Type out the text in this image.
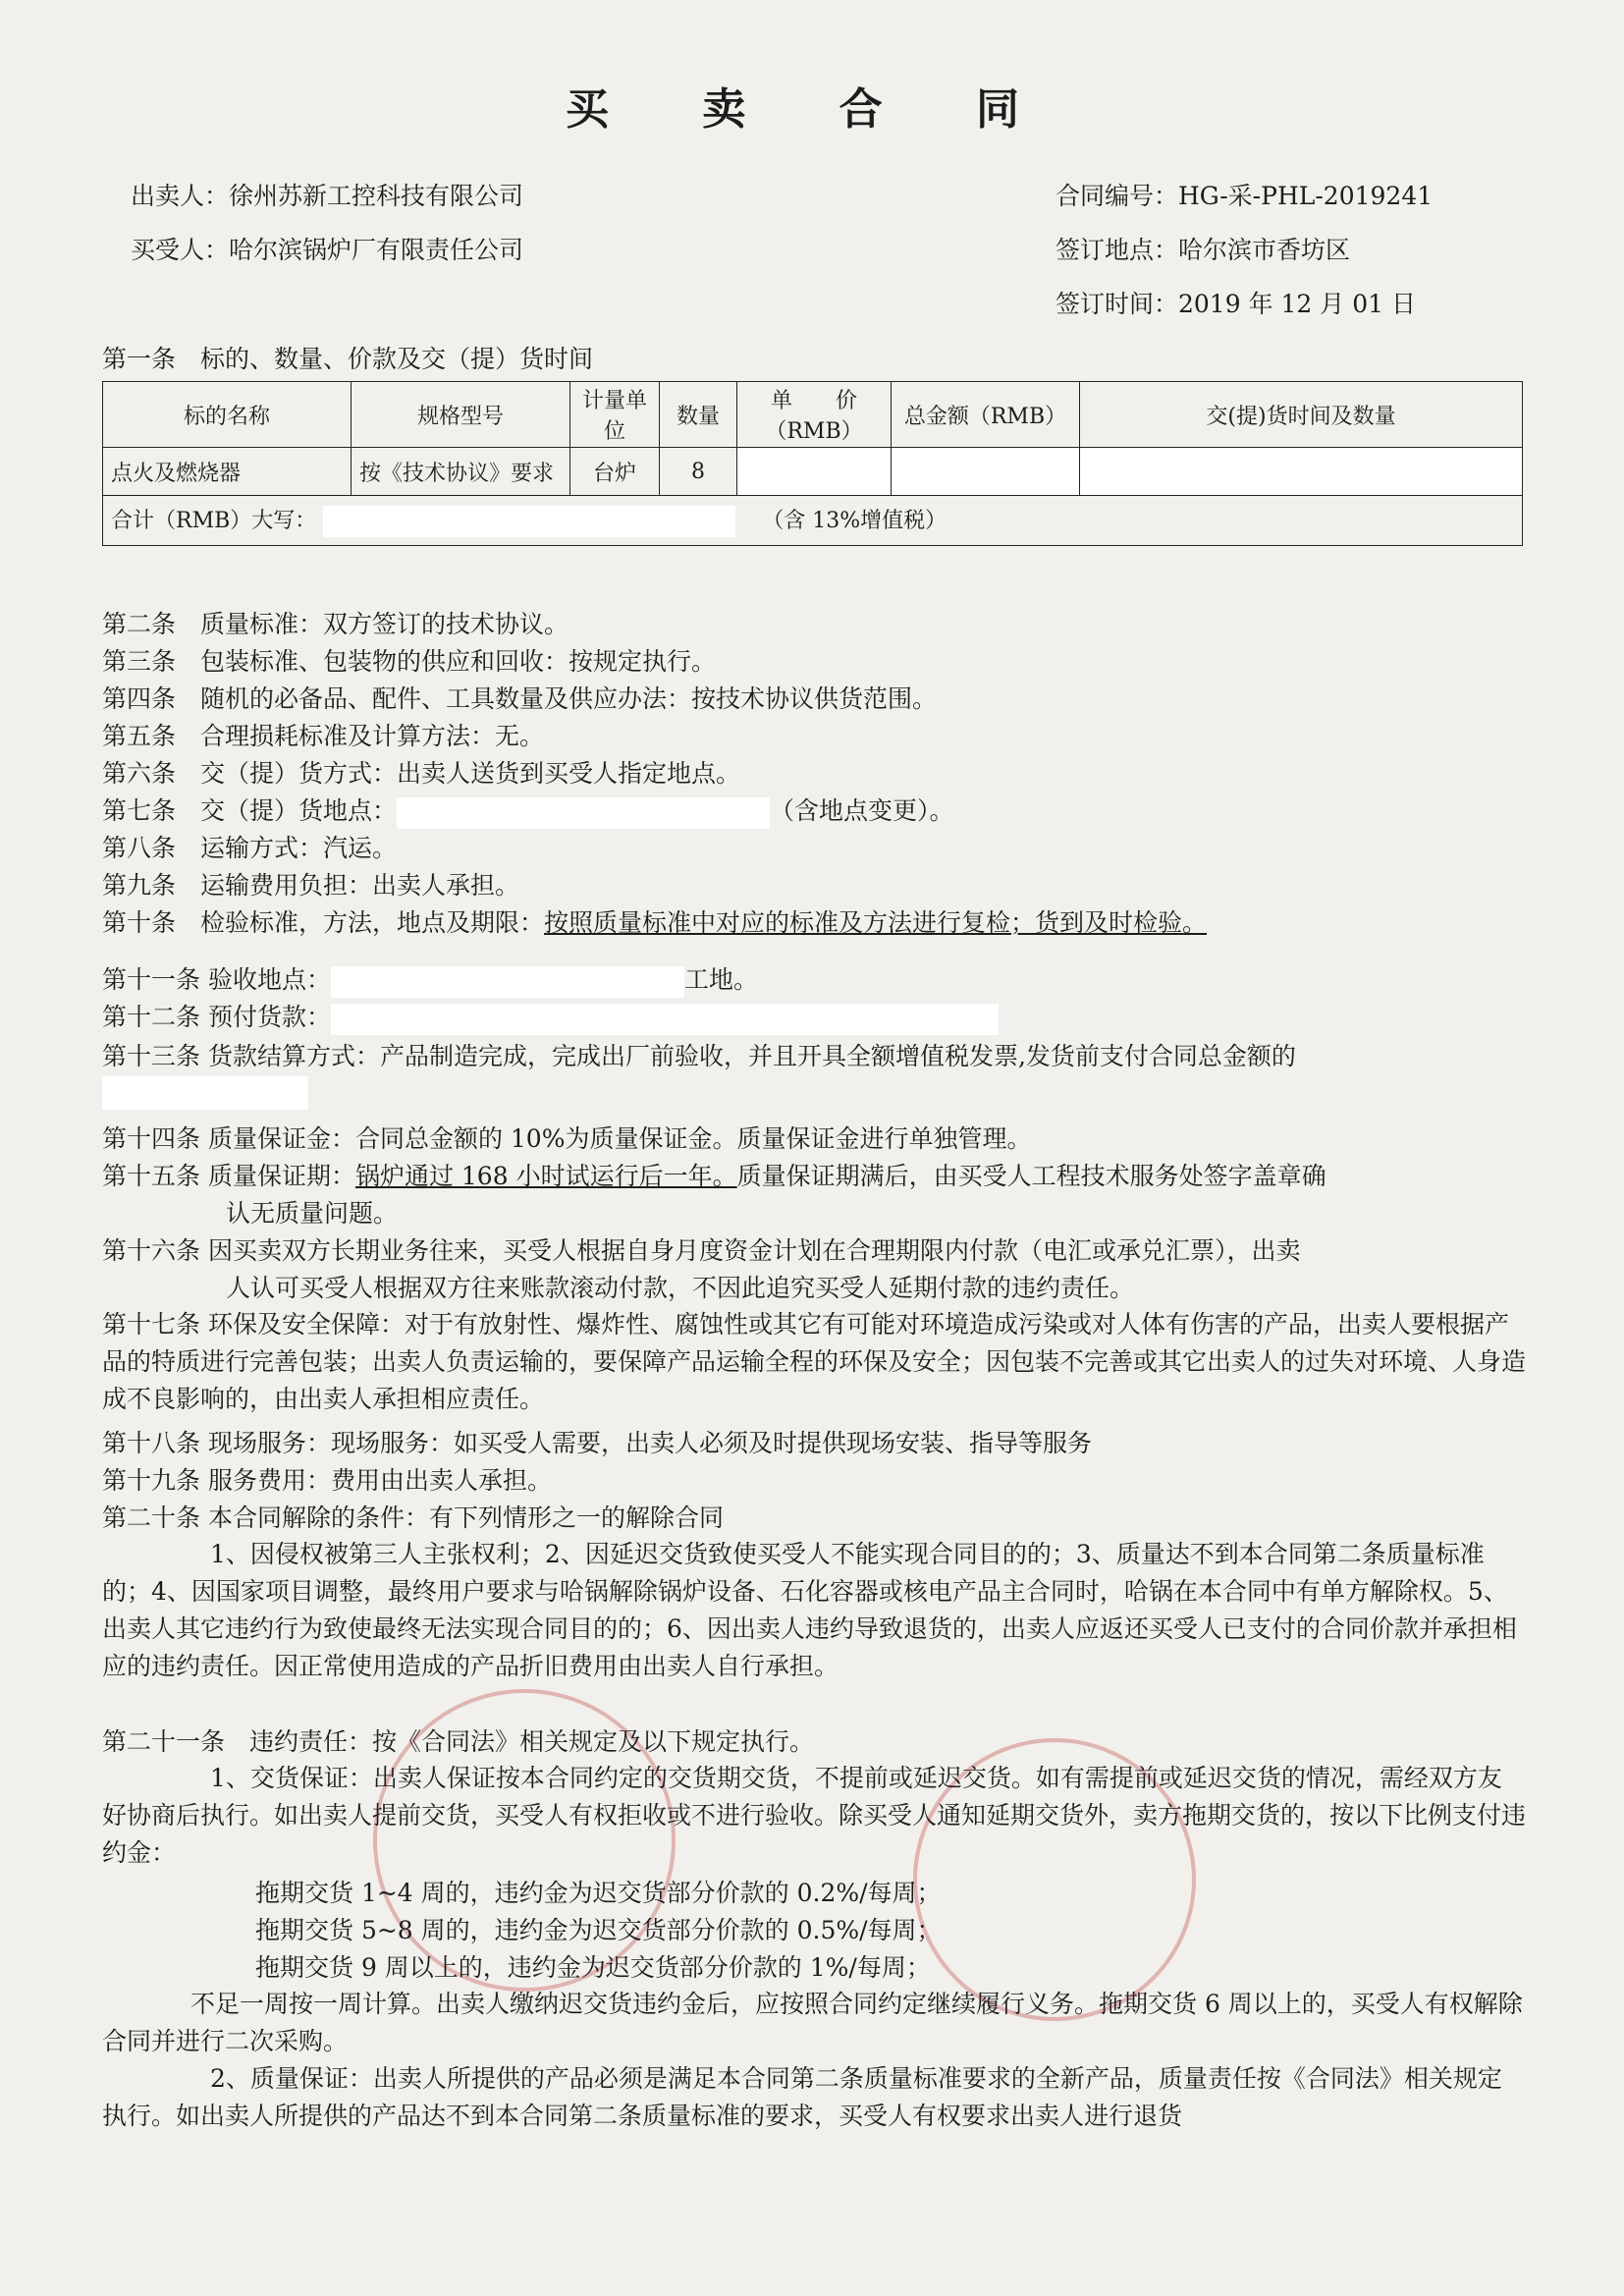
买 卖 合 同
出卖人：徐州苏新工控科技有限公司
买受人：哈尔滨锅炉厂有限责任公司
合同编号：HG-采-PHL-2019241
签订地点：哈尔滨市香坊区
签订时间：2019 年 12 月 01 日
第一条　标的、数量、价款及交（提）货时间
标的名称	规格型号	计量单位	数量	单　　价（RMB）	总金额（RMB）	交(提)货时间及数量
点火及燃烧器	按《技术协议》要求	台炉	8			
合计（RMB）大写： （含 13%增值税）						
第二条　质量标准：双方签订的技术协议。
第三条　包装标准、包装物的供应和回收：按规定执行。
第四条　随机的必备品、配件、工具数量及供应办法：按技术协议供货范围。
第五条　合理损耗标准及计算方法：无。
第六条　交（提）货方式：出卖人送货到买受人指定地点。
第七条　交（提）货地点：	（含地点变更）。
第八条　运输方式：汽运。
第九条　运输费用负担：出卖人承担。
第十条　检验标准，方法，地点及期限：按照质量标准中对应的标准及方法进行复检；货到及时检验。
第十一条 验收地点：	工地。
第十二条 预付货款：
第十三条 货款结算方式：产品制造完成，完成出厂前验收，并且开具全额增值税发票,发货前支付合同总金额的
第十四条 质量保证金：合同总金额的 10%为质量保证金。质量保证金进行单独管理。
第十五条 质量保证期：锅炉通过 168 小时试运行后一年。质量保证期满后，由买受人工程技术服务处签字盖章确
认无质量问题。
第十六条 因买卖双方长期业务往来，买受人根据自身月度资金计划在合理期限内付款（电汇或承兑汇票），出卖
人认可买受人根据双方往来账款滚动付款，不因此追究买受人延期付款的违约责任。
第十七条 环保及安全保障：对于有放射性、爆炸性、腐蚀性或其它有可能对环境造成污染或对人体有伤害的产品，出卖人要根据产品的特质进行完善包装；出卖人负责运输的，要保障产品运输全程的环保及安全；因包装不完善或其它出卖人的过失对环境、人身造成不良影响的，由出卖人承担相应责任。
第十八条 现场服务：现场服务：如买受人需要，出卖人必须及时提供现场安装、指导等服务
第十九条 服务费用：费用由出卖人承担。
第二十条 本合同解除的条件：有下列情形之一的解除合同
1、因侵权被第三人主张权利；2、因延迟交货致使买受人不能实现合同目的的；3、质量达不到本合同第二条质量标准的；4、因国家项目调整，最终用户要求与哈锅解除锅炉设备、石化容器或核电产品主合同时，哈锅在本合同中有单方解除权。5、出卖人其它违约行为致使最终无法实现合同目的的；6、因出卖人违约导致退货的，出卖人应返还买受人已支付的合同价款并承担相应的违约责任。因正常使用造成的产品折旧费用由出卖人自行承担。
第二十一条　违约责任：按《合同法》相关规定及以下规定执行。
1、交货保证：出卖人保证按本合同约定的交货期交货，不提前或延迟交货。如有需提前或延迟交货的情况，需经双方友好协商后执行。如出卖人提前交货，买受人有权拒收或不进行验收。除买受人通知延期交货外，卖方拖期交货的，按以下比例支付违约金：
拖期交货 1~4 周的，违约金为迟交货部分价款的 0.2%/每周；
拖期交货 5~8 周的，违约金为迟交货部分价款的 0.5%/每周；
拖期交货 9 周以上的，违约金为迟交货部分价款的 1%/每周；
不足一周按一周计算。出卖人缴纳迟交货违约金后，应按照合同约定继续履行义务。拖期交货 6 周以上的，买受人有权解除合同并进行二次采购。
2、质量保证：出卖人所提供的产品必须是满足本合同第二条质量标准要求的全新产品，质量责任按《合同法》相关规定执行。如出卖人所提供的产品达不到本合同第二条质量标准的要求，买受人有权要求出卖人进行退货
